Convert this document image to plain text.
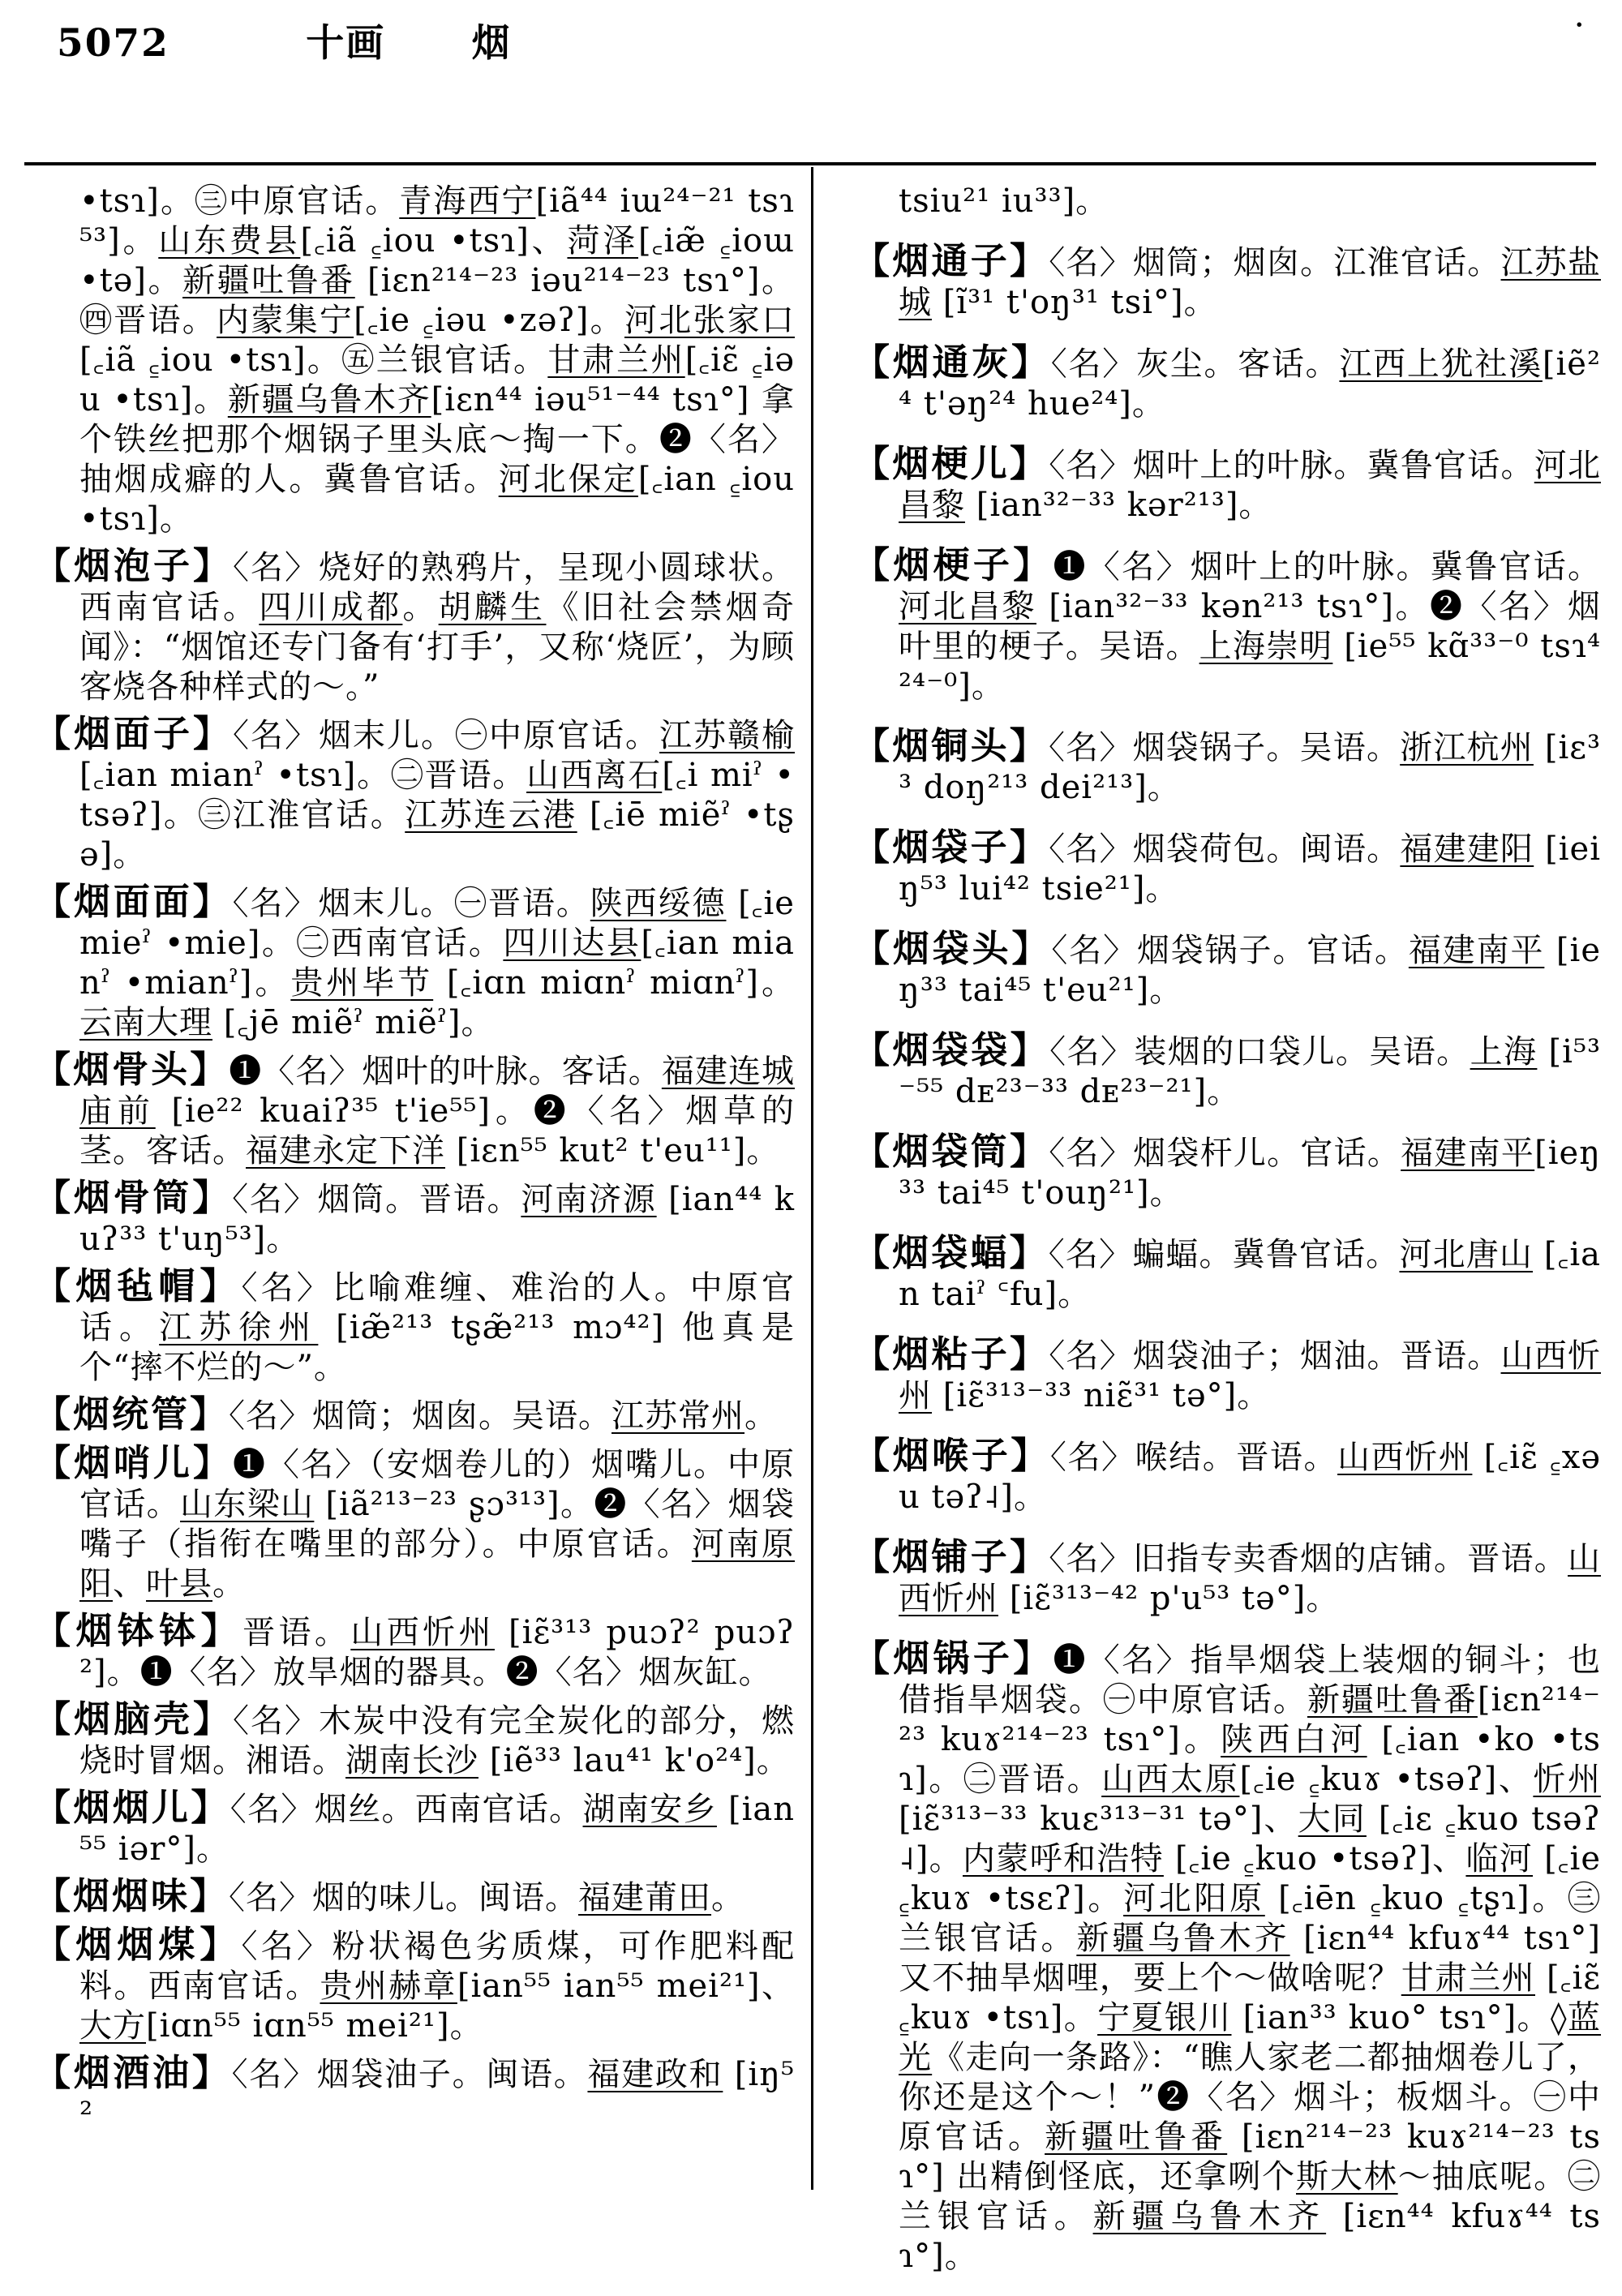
5072	十画 烟	·

•tsɿ]。㊂中原官话。青海西宁[iã⁴⁴ iɯ²⁴⁻²¹ tsɿ⁵³]。山东费县[꜀iã ꜁iou •tsɿ]、菏泽[꜀iæ̃ ꜁ioɯ •tə]。新疆吐鲁番 [iɛn²¹⁴⁻²³ iəu²¹⁴⁻²³ tsɿ°]。㊃晋语。内蒙集宁[꜀ie ꜁iəu •zəʔ]。河北张家口[꜀iã ꜁iou •tsɿ]。㊄兰银官话。甘肃兰州[꜀iɛ̃ ꜁iəu •tsɿ]。新疆乌鲁木齐[iɛn⁴⁴ iəu⁵¹⁻⁴⁴ tsɿ°] 拿个铁丝把那个烟锅子里头底～掏一下。❷〈名〉抽烟成癖的人。冀鲁官话。河北保定[꜀ian ꜁iou •tsɿ]。

【烟泡子】〈名〉烧好的熟鸦片，呈现小圆球状。西南官话。四川成都。胡麟生《旧社会禁烟奇闻》：“烟馆还专门备有‘打手’，又称‘烧匠’，为顾客烧各种样式的～。”

【烟面子】〈名〉烟末儿。㊀中原官话。江苏赣榆 [꜀ian mianˀ •tsɿ]。㊁晋语。山西离石[꜀i miˀ •tsəʔ]。㊂江淮官话。江苏连云港 [꜀iē miẽˀ •tʂə]。

【烟面面】〈名〉烟末儿。㊀晋语。陕西绥德 [꜀ie mieˀ •mie]。㊁西南官话。四川达县[꜀ian mianˀ •mianˀ]。贵州毕节 [꜀iɑn miɑnˀ miɑnˀ]。云南大理 [꜀jē miẽˀ miẽˀ]。

【烟骨头】❶〈名〉烟叶的叶脉。客话。福建连城庙前 [ie²² kuaiʔ³⁵ t'ie⁵⁵]。❷〈名〉烟草的茎。客话。福建永定下洋 [iɛn⁵⁵ kut² t'eu¹¹]。

【烟骨筒】〈名〉烟筒。晋语。河南济源 [ian⁴⁴ kuʔ³³ t'uŋ⁵³]。

【烟毡帽】〈名〉比喻难缠、难治的人。中原官话。江苏徐州 [iæ̃²¹³ tʂæ̃²¹³ mɔ⁴²] 他真是个“摔不烂的～”。

【烟统管】〈名〉烟筒；烟囱。吴语。江苏常州。

【烟哨儿】❶〈名〉（安烟卷儿的）烟嘴儿。中原官话。山东梁山 [iã²¹³⁻²³ ʂɔ³¹³]。❷〈名〉烟袋嘴子（指衔在嘴里的部分）。中原官话。河南原阳、叶县。

【烟钵钵】晋语。山西忻州 [iɛ̃³¹³ puɔʔ² puɔʔ²]。❶〈名〉放旱烟的器具。❷〈名〉烟灰缸。

【烟脑壳】〈名〉木炭中没有完全炭化的部分，燃烧时冒烟。湘语。湖南长沙 [iẽ³³ lau⁴¹ k'o²⁴]。

【烟烟儿】〈名〉烟丝。西南官话。湖南安乡 [ian⁵⁵ iər°]。

【烟烟味】〈名〉烟的味儿。闽语。福建莆田。

【烟烟煤】〈名〉粉状褐色劣质煤，可作肥料配料。西南官话。贵州赫章[ian⁵⁵ ian⁵⁵ mei²¹]、大方[iɑn⁵⁵ iɑn⁵⁵ mei²¹]。

【烟酒油】〈名〉烟袋油子。闽语。福建政和 [iŋ⁵²

tsiu²¹ iu³³]。

【烟通子】〈名〉烟筒；烟囱。江淮官话。江苏盐城 [ĩ³¹ t'oŋ³¹ tsi°]。

【烟通灰】〈名〉灰尘。客话。江西上犹社溪[iẽ²⁴ t'əŋ²⁴ hue²⁴]。

【烟梗儿】〈名〉烟叶上的叶脉。冀鲁官话。河北昌黎 [ian³²⁻³³ kər²¹³]。

【烟梗子】❶〈名〉烟叶上的叶脉。冀鲁官话。河北昌黎 [ian³²⁻³³ kən²¹³ tsɿ°]。❷〈名〉烟叶里的梗子。吴语。上海崇明 [ie⁵⁵ kɑ̃³³⁻⁰ tsɿ⁴²⁴⁻⁰]。

【烟铜头】〈名〉烟袋锅子。吴语。浙江杭州 [iɛ³³ doŋ²¹³ dei²¹³]。

【烟袋子】〈名〉烟袋荷包。闽语。福建建阳 [ieiŋ⁵³ lui⁴² tsie²¹]。

【烟袋头】〈名〉烟袋锅子。官话。福建南平 [ieŋ³³ tai⁴⁵ t'eu²¹]。

【烟袋袋】〈名〉装烟的口袋儿。吴语。上海 [i⁵³⁻⁵⁵ dᴇ²³⁻³³ dᴇ²³⁻²¹]。

【烟袋筒】〈名〉烟袋杆儿。官话。福建南平[ieŋ³³ tai⁴⁵ t'ouŋ²¹]。

【烟袋蝠】〈名〉蝙蝠。冀鲁官话。河北唐山 [꜀ian taiˀ ꜂fu]。

【烟粘子】〈名〉烟袋油子；烟油。晋语。山西忻州 [iɛ̃³¹³⁻³³ niɛ̃³¹ tə°]。

【烟喉子】〈名〉喉结。晋语。山西忻州 [꜀iɛ̃ ꜁xəu təʔ˨]。

【烟铺子】〈名〉旧指专卖香烟的店铺。晋语。山西忻州 [iɛ̃³¹³⁻⁴² p'u⁵³ tə°]。

【烟锅子】❶〈名〉指旱烟袋上装烟的铜斗；也借指旱烟袋。㊀中原官话。新疆吐鲁番[iɛn²¹⁴⁻²³ kuɤ²¹⁴⁻²³ tsɿ°]。陕西白河 [꜀ian •ko •tsɿ]。㊁晋语。山西太原[꜀ie ꜁kuɤ •tsəʔ]、忻州[iɛ̃³¹³⁻³³ kuɛ³¹³⁻³¹ tə°]、大同 [꜀iɛ ꜁kuo tsəʔ˨]。内蒙呼和浩特 [꜀ie ꜁kuo •tsəʔ]、临河 [꜀ie ꜁kuɤ •tsɛʔ]。河北阳原 [꜀iēn ꜁kuo ꜁tʂɿ]。㊂兰银官话。新疆乌鲁木齐 [iɛn⁴⁴ kfuɤ⁴⁴ tsɿ°] 又不抽旱烟哩，要上个～做啥呢？甘肃兰州 [꜀iɛ̃ ꜁kuɤ •tsɿ]。宁夏银川 [ian³³ kuo° tsɿ°]。◊蓝光《走向一条路》：“瞧人家老二都抽烟卷儿了，你还是这个～！”❷〈名〉烟斗；板烟斗。㊀中原官话。新疆吐鲁番 [iɛn²¹⁴⁻²³ kuɤ²¹⁴⁻²³ tsɿ°] 出精倒怪底，还拿咧个斯大林～抽底呢。㊁兰银官话。新疆乌鲁木齐 [iɛn⁴⁴ kfuɤ⁴⁴ tsɿ°]。
